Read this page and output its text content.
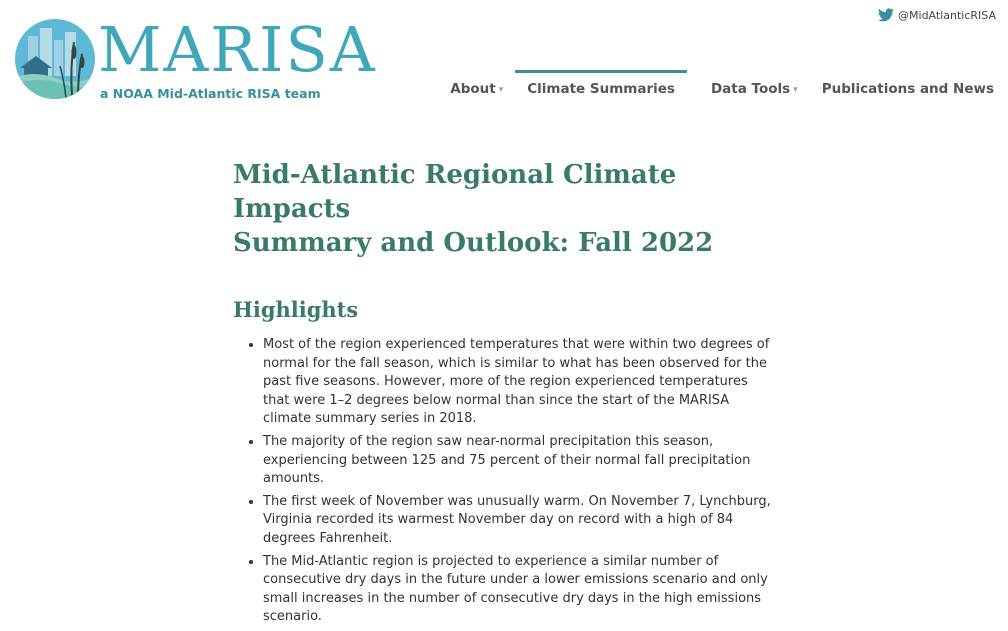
@MidAtlanticRISA
MARISA
a NOAA Mid-Atlantic RISA team	About ▾	Climate Summaries	Data Tools ▾ Publications and News
Mid-Atlantic Regional Climate Impacts
Summary and Outlook: Fall 2022
Highlights
• Most of the region experienced temperatures that were within two degrees of normal for the fall season, which is similar to what has been observed for the past five seasons. However, more of the region experienced temperatures that were 1–2 degrees below normal than since the start of the MARISA climate summary series in 2018.
• The majority of the region saw near-normal precipitation this season, experiencing between 125 and 75 percent of their normal fall precipitation amounts.
• The first week of November was unusually warm. On November 7, Lynchburg, Virginia recorded its warmest November day on record with a high of 84 degrees Fahrenheit.
• The Mid-Atlantic region is projected to experience a similar number of consecutive dry days in the future under a lower emissions scenario and only small increases in the number of consecutive dry days in the high emissions scenario.
